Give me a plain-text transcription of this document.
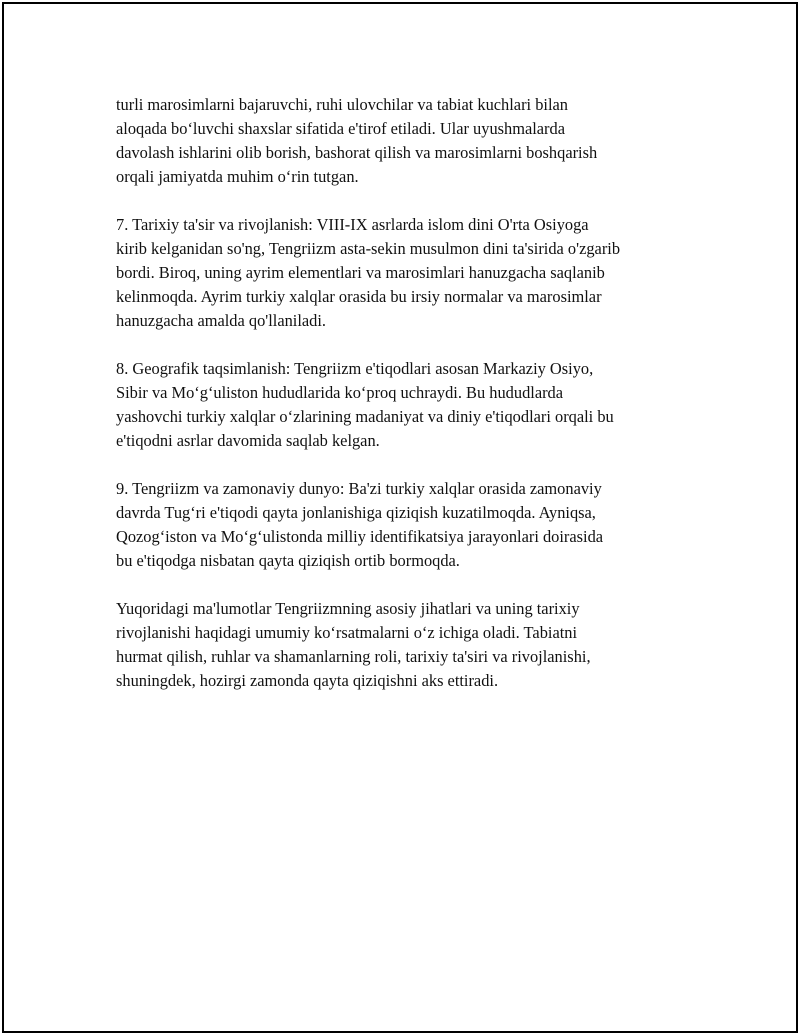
turli marosimlarni bajaruvchi, ruhi ulovchilar va tabiat kuchlari bilan
aloqada bo‘luvchi shaxslar sifatida e'tirof etiladi. Ular uyushmalarda
davolash ishlarini olib borish, bashorat qilish va marosimlarni boshqarish
orqali jamiyatda muhim o‘rin tutgan.
7. Tarixiy ta'sir va rivojlanish: VIII-IX asrlarda islom dini O'rta Osiyoga
kirib kelganidan so'ng, Tengriizm asta-sekin musulmon dini ta'sirida o'zgarib
bordi. Biroq, uning ayrim elementlari va marosimlari hanuzgacha saqlanib
kelinmoqda. Ayrim turkiy xalqlar orasida bu irsiy normalar va marosimlar
hanuzgacha amalda qo'llaniladi.
8. Geografik taqsimlanish: Tengriizm e'tiqodlari asosan Markaziy Osiyo,
Sibir va Mo‘g‘uliston hududlarida ko‘proq uchraydi. Bu hududlarda
yashovchi turkiy xalqlar o‘zlarining madaniyat va diniy e'tiqodlari orqali bu
e'tiqodni asrlar davomida saqlab kelgan.
9. Tengriizm va zamonaviy dunyo: Ba'zi turkiy xalqlar orasida zamonaviy
davrda Tug‘ri e'tiqodi qayta jonlanishiga qiziqish kuzatilmoqda. Ayniqsa,
Qozog‘iston va Mo‘g‘ulistonda milliy identifikatsiya jarayonlari doirasida
bu e'tiqodga nisbatan qayta qiziqish ortib bormoqda.
Yuqoridagi ma'lumotlar Tengriizmning asosiy jihatlari va uning tarixiy
rivojlanishi haqidagi umumiy ko‘rsatmalarni o‘z ichiga oladi. Tabiatni
hurmat qilish, ruhlar va shamanlarning roli, tarixiy ta'siri va rivojlanishi,
shuningdek, hozirgi zamonda qayta qiziqishni aks ettiradi.
